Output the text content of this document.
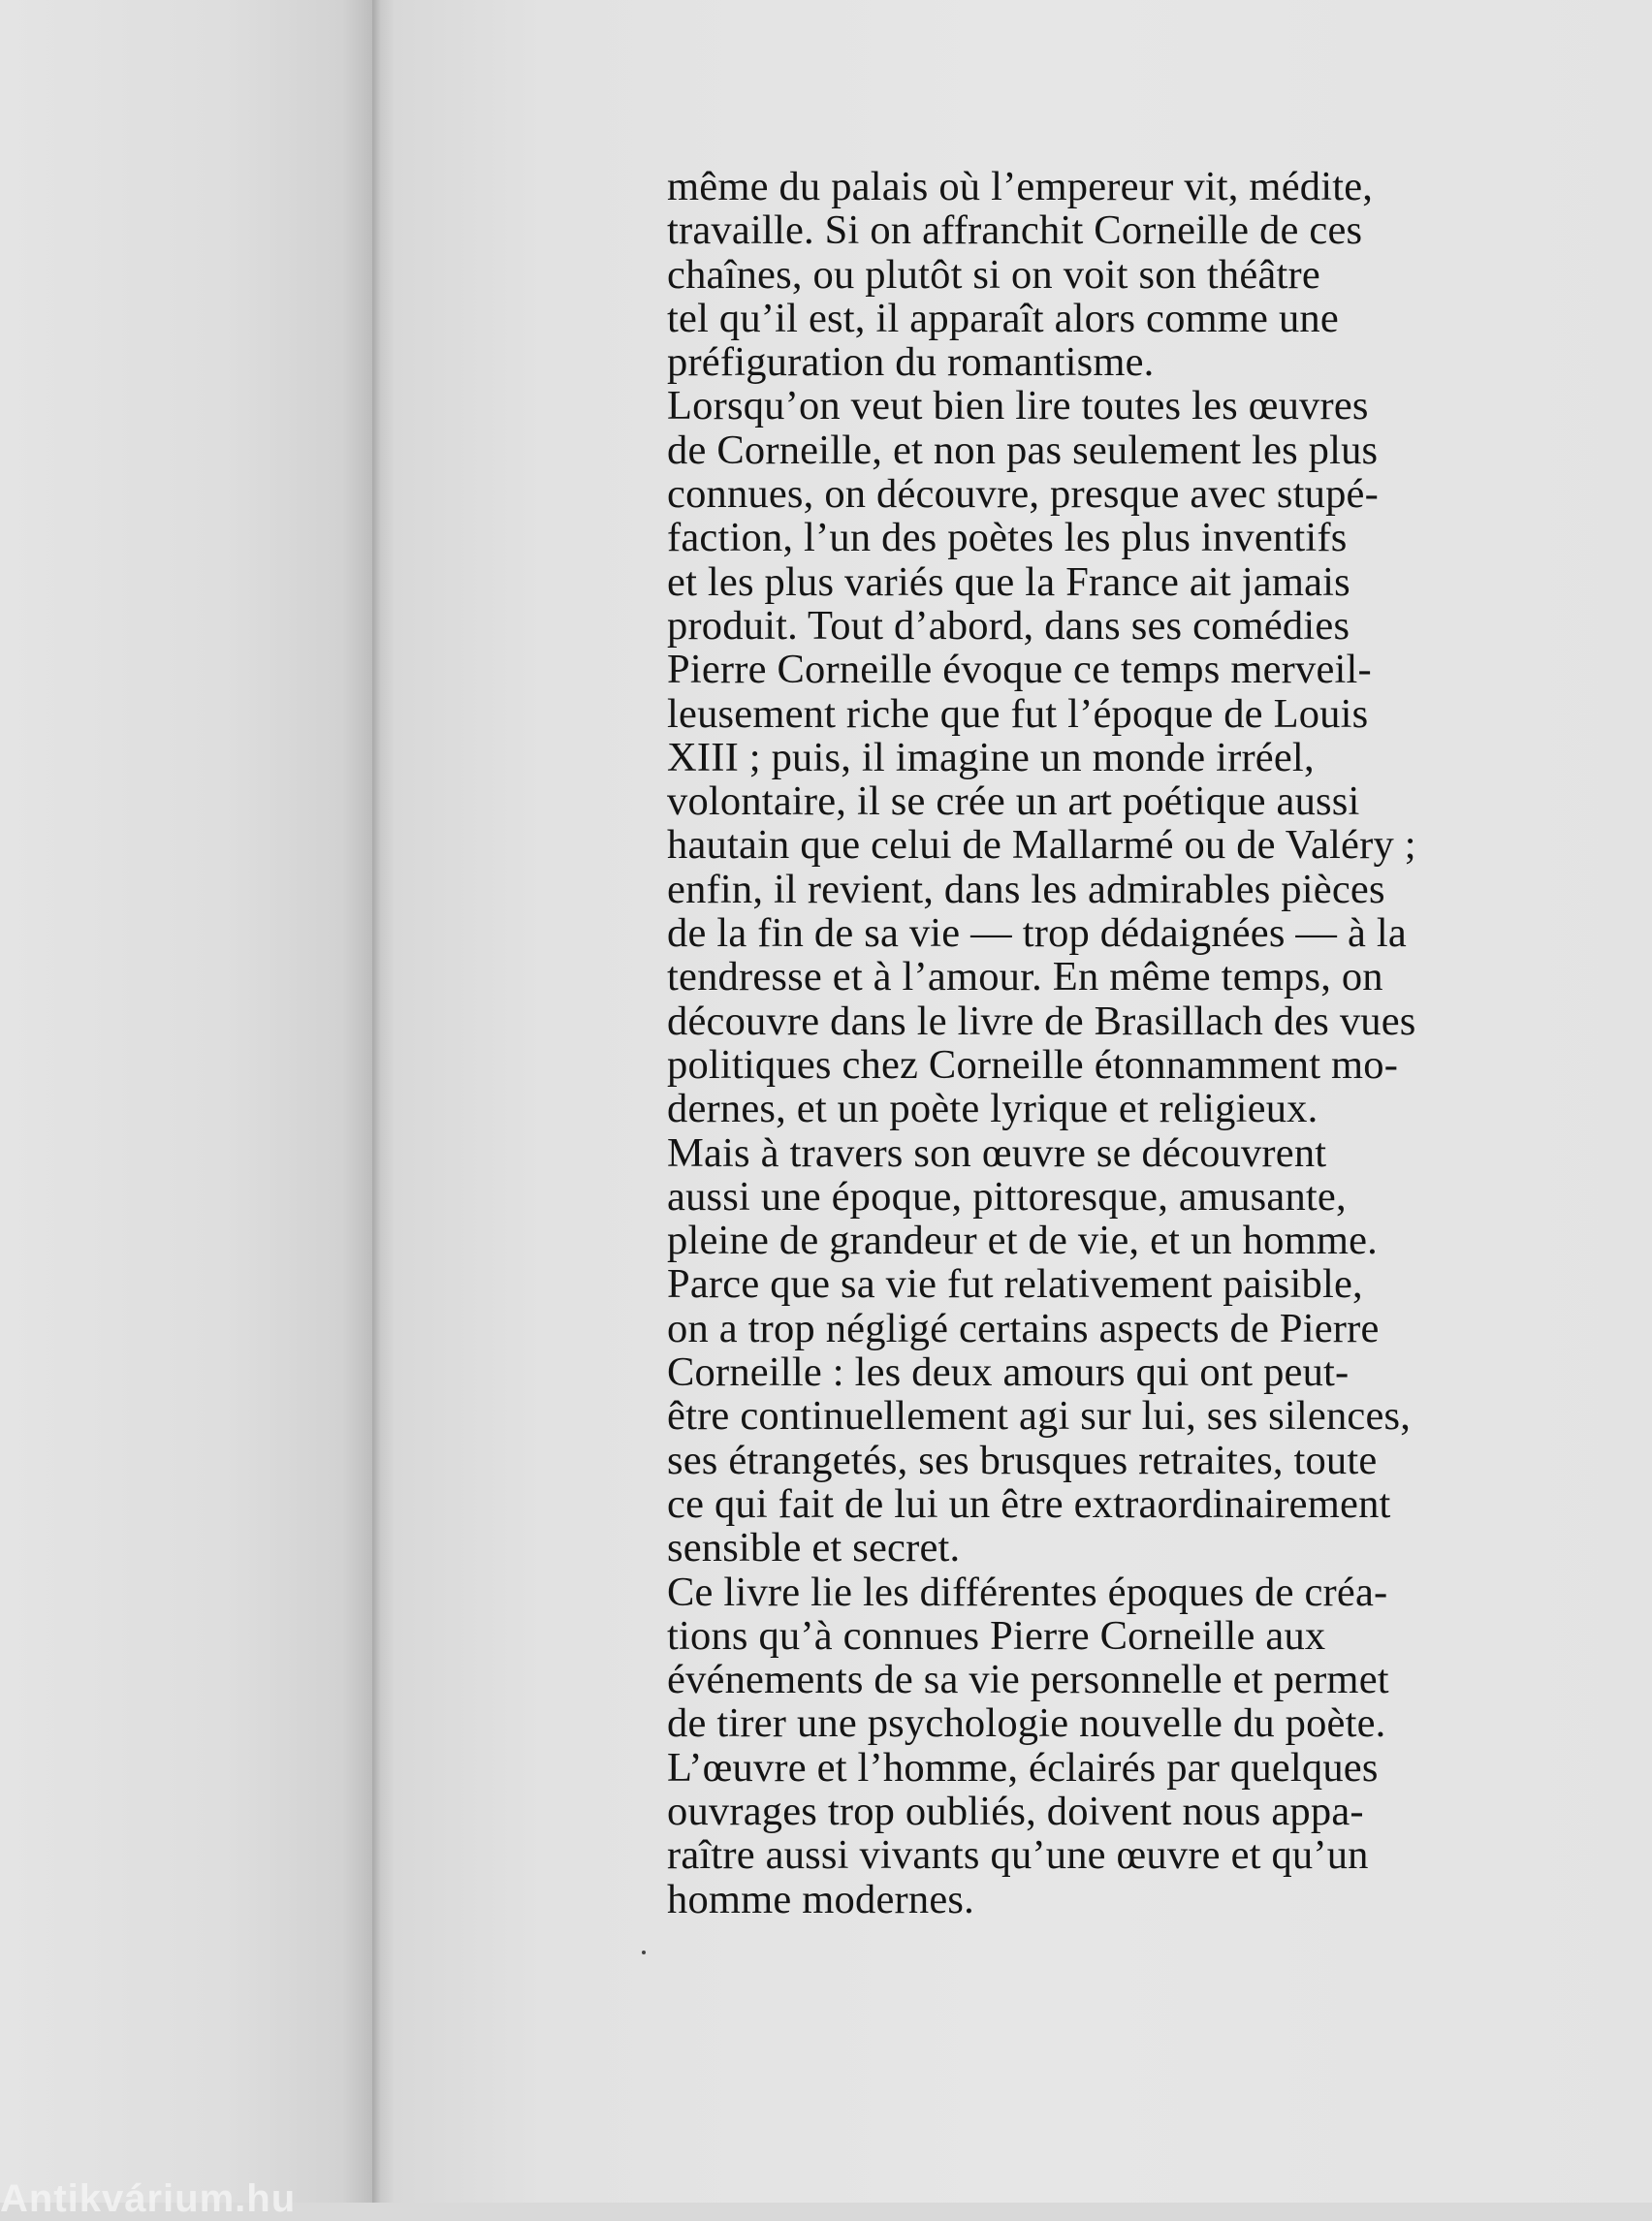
même du palais où l’empereur vit, médite,
travaille. Si on affranchit Corneille de ces
chaînes, ou plutôt si on voit son théâtre
tel qu’il est, il apparaît alors comme une
préfiguration du romantisme.

Lorsqu’on veut bien lire toutes les œuvres
de Corneille, et non pas seulement les plus
connues, on découvre, presque avec stupé-
faction, l’un des poètes les plus inventifs
et les plus variés que la France ait jamais
produit. Tout d’abord, dans ses comédies
Pierre Corneille évoque ce temps merveil-
leusement riche que fut l’époque de Louis
XIII ; puis, il imagine un monde irréel,
volontaire, il se crée un art poétique aussi
hautain que celui de Mallarmé ou de Valéry ;
enfin, il revient, dans les admirables pièces
de la fin de sa vie — trop dédaignées — à la
tendresse et à l’amour. En même temps, on
découvre dans le livre de Brasillach des vues
politiques chez Corneille étonnamment mo-
dernes, et un poète lyrique et religieux.

Mais à travers son œuvre se découvrent
aussi une époque, pittoresque, amusante,
pleine de grandeur et de vie, et un homme.
Parce que sa vie fut relativement paisible,
on a trop négligé certains aspects de Pierre
Corneille : les deux amours qui ont peut-
être continuellement agi sur lui, ses silences,
ses étrangetés, ses brusques retraites, toute
ce qui fait de lui un être extraordinairement
sensible et secret.

Ce livre lie les différentes époques de créa-
tions qu’à connues Pierre Corneille aux
événements de sa vie personnelle et permet
de tirer une psychologie nouvelle du poète.
L’œuvre et l’homme, éclairés par quelques
ouvrages trop oubliés, doivent nous appa-
raître aussi vivants qu’une œuvre et qu’un
homme modernes.

Antikvárium.hu
